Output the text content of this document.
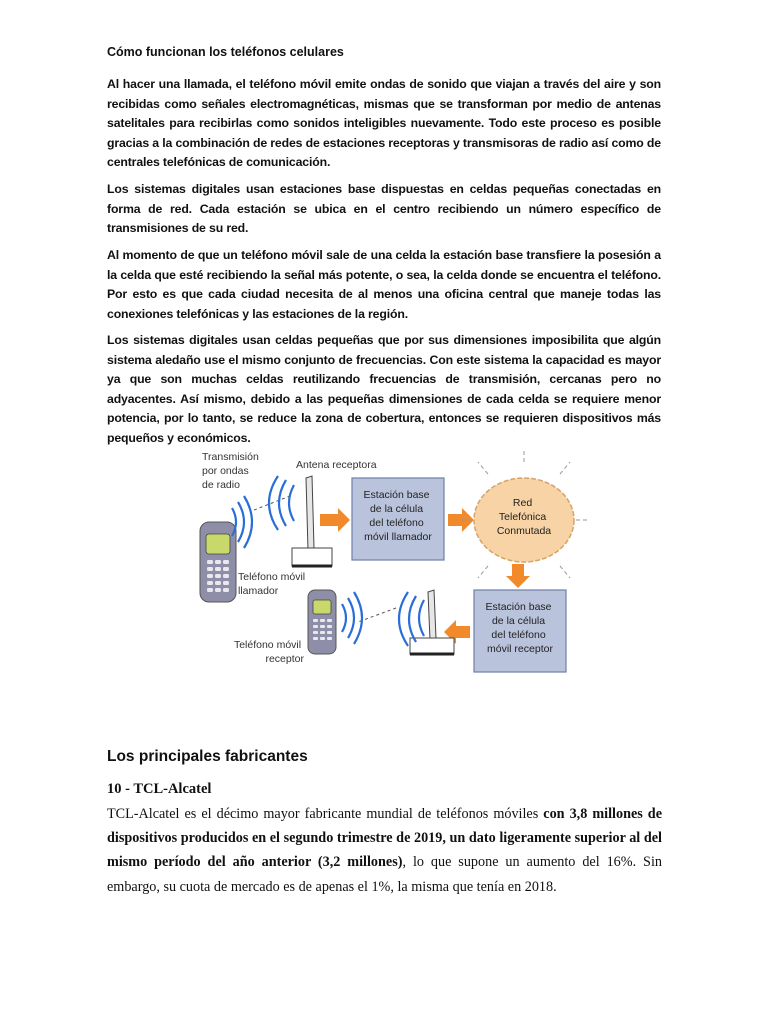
Cómo funcionan los teléfonos celulares
Al hacer una llamada, el teléfono móvil emite ondas de sonido que viajan a través del aire y son recibidas como señales electromagnéticas, mismas que se transforman por medio de antenas satelitales para recibirlas como sonidos inteligibles nuevamente. Todo este proceso es posible gracias a la combinación de redes de estaciones receptoras y transmisoras de radio así como de centrales telefónicas de comunicación.
Los sistemas digitales usan estaciones base dispuestas en celdas pequeñas conectadas en forma de red. Cada estación se ubica en el centro recibiendo un número específico de transmisiones de su red.
Al momento de que un teléfono móvil sale de una celda la estación base transfiere la posesión a la celda que esté recibiendo la señal más potente, o sea, la celda donde se encuentra el teléfono. Por esto es que cada ciudad necesita de al menos una oficina central que maneje todas las conexiones telefónicas y las estaciones de la región.
Los sistemas digitales usan celdas pequeñas que por sus dimensiones imposibilita que algún sistema aledaño use el mismo conjunto de frecuencias. Con este sistema la capacidad es mayor ya que son muchas celdas reutilizando frecuencias de transmisión, cercanas pero no adyacentes. Así mismo, debido a las pequeñas dimensiones de cada celda se requiere menor potencia, por lo tanto, se reduce la zona de cobertura, entonces se requieren dispositivos más pequeños y económicos.
Transmisión por ondas de radio
Antena receptora
Teléfono móvil llamador
Estación base de la célula del teléfono móvil llamador
Red Telefónica Conmutada
Estación base de la célula del teléfono móvil receptor
Teléfono móvil receptor
Los principales fabricantes
10 - TCL-Alcatel
TCL-Alcatel es el décimo mayor fabricante mundial de teléfonos móviles con 3,8 millones de dispositivos producidos en el segundo trimestre de 2019, un dato ligeramente superior al del mismo período del año anterior (3,2 millones), lo que supone un aumento del 16%. Sin embargo, su cuota de mercado es de apenas el 1%, la misma que tenía en 2018.
